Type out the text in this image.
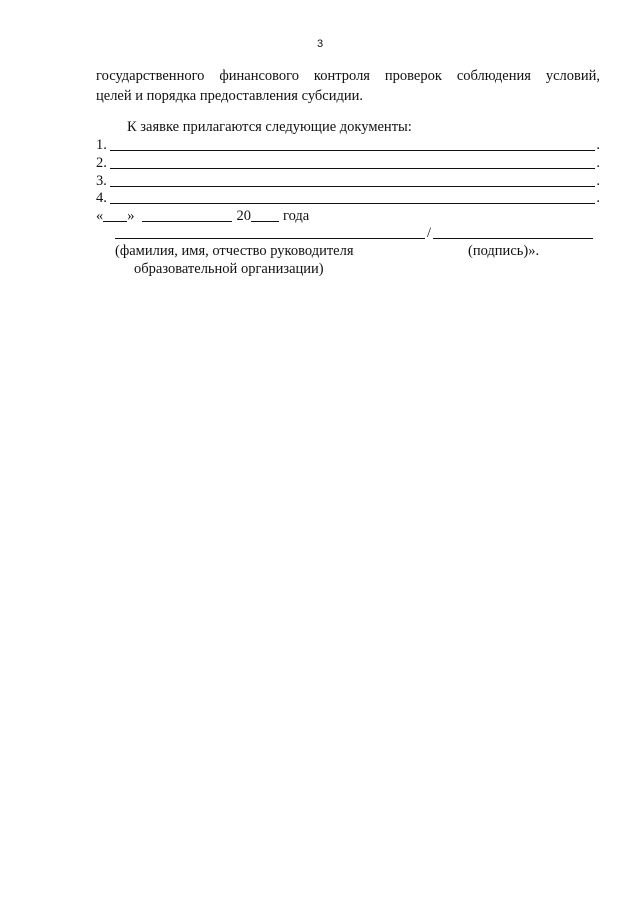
3
государственного финансового контроля проверок соблюдения условий,
целей и порядка предоставления субсидии.
К заявке прилагаются следующие документы:
1.	.
2.	.
3.	.
4.	.
« »	20 года
/
(фамилия, имя, отчество руководителя
образовательной организации)
(подпись)».
